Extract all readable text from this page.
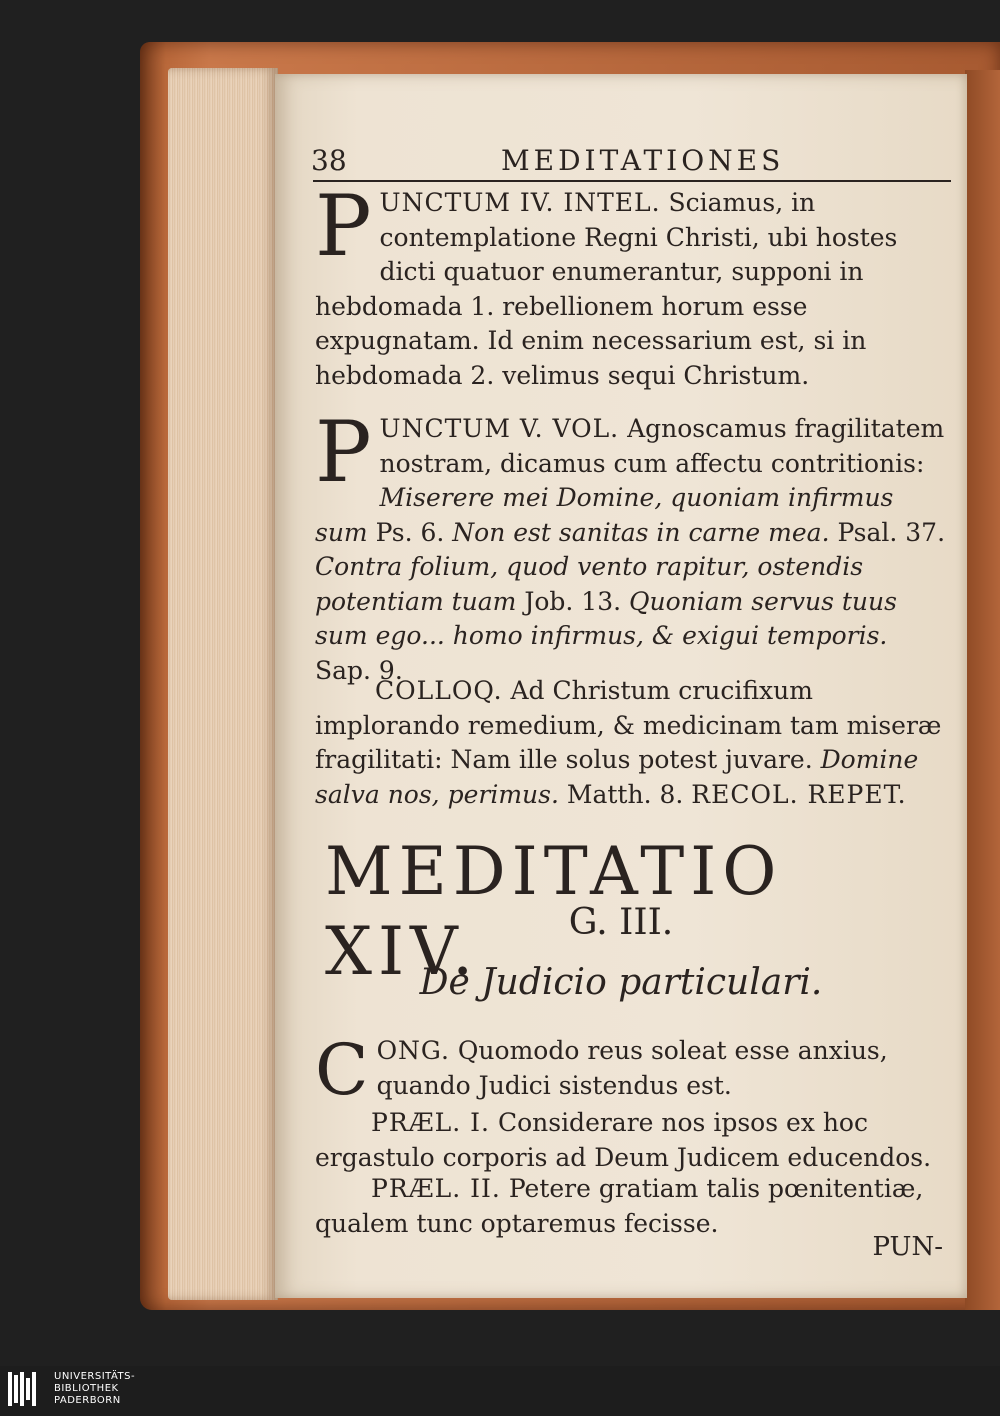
38	MEDITATIONES
P UNCTUM IV. INTEL. Sciamus, in contemplatione Regni Christi, ubi hostes dicti quatuor enumerantur, supponi in hebdomada 1. rebellionem horum esse expugnatam. Id enim necessarium est, si in hebdomada 2. velimus sequi Christum.
P UNCTUM V. VOL. Agnoscamus fragilitatem nostram, dicamus cum affectu contritionis: Miserere mei Domine, quoniam infirmus sum Ps. 6. Non est sanitas in carne mea. Psal. 37. Contra folium, quod vento rapitur, ostendis potentiam tuam Job. 13. Quoniam servus tuus sum ego... homo infirmus, & exigui temporis. Sap. 9.
COLLOQ. Ad Christum crucifixum implorando remedium, & medicinam tam miseræ fragilitati: Nam ille solus potest juvare. Domine salva nos, perimus. Matth. 8. RECOL. REPET.
MEDITATIO XIV.	G. III.
De Judicio particulari.
C ONG. Quomodo reus soleat esse anxius, quando Judici sistendus est.
PRÆL. I. Considerare nos ipsos ex hoc ergastulo corporis ad Deum Judicem educendos.
PRÆL. II. Petere gratiam talis pœnitentiæ, qualem tunc optaremus fecisse.
PUN-
UNIVERSITÄTS-
BIBLIOTHEK
PADERBORN
